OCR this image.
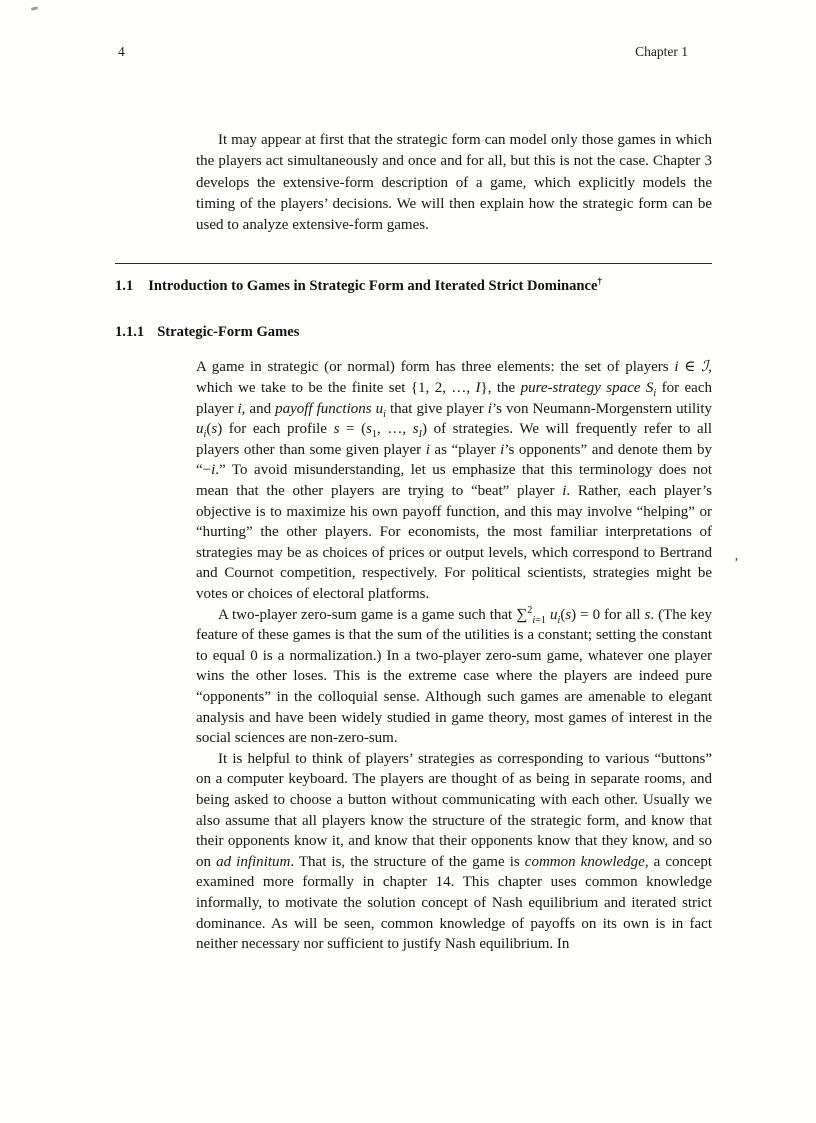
4	Chapter 1

It may appear at first that the strategic form can model only those games in which the players act simultaneously and once and for all, but this is not the case. Chapter 3 develops the extensive-form description of a game, which explicitly models the timing of the players’ decisions. We will then explain how the strategic form can be used to analyze extensive-form games.

1.1 Introduction to Games in Strategic Form and Iterated Strict Dominance†
1.1.1 Strategic-Form Games

A game in strategic (or normal) form has three elements: the set of players i ∈ ℐ, which we take to be the finite set {1, 2, …, I}, the pure-strategy space $S_i$ for each player i, and payoff functions $u_i$ that give player i’s von Neumann-Morgenstern utility $u_i(s)$ for each profile $s = (s_1$, …, $s_I$) of strategies. We will frequently refer to all players other than some given player i as “player i’s opponents” and denote them by “−i.” To avoid misunderstanding, let us emphasize that this terminology does not mean that the other players are trying to “beat” player i. Rather, each player’s objective is to maximize his own payoff function, and this may involve “helping” or “hurting” the other players. For economists, the most familiar interpretations of strategies may be as choices of prices or output levels, which correspond to Bertrand and Cournot competition, respectively. For political scientists, strategies might be votes or choices of electoral platforms.

A two-player zero-sum game is a game such that ∑$^2_{i=1}$ $u_i(s) = 0$ for all s. (The key feature of these games is that the sum of the utilities is a constant; setting the constant to equal 0 is a normalization.) In a two-player zero-sum game, whatever one player wins the other loses. This is the extreme case where the players are indeed pure “opponents” in the colloquial sense. Although such games are amenable to elegant analysis and have been widely studied in game theory, most games of interest in the social sciences are non-zero-sum.

It is helpful to think of players’ strategies as corresponding to various “buttons” on a computer keyboard. The players are thought of as being in separate rooms, and being asked to choose a button without communicating with each other. Usually we also assume that all players know the structure of the strategic form, and know that their opponents know it, and know that their opponents know that they know, and so on ad infinitum. That is, the structure of the game is common knowledge, a concept examined more formally in chapter 14. This chapter uses common knowledge informally, to motivate the solution concept of Nash equilibrium and iterated strict dominance. As will be seen, common knowledge of payoffs on its own is in fact neither necessary nor sufficient to justify Nash equilibrium. In

’
